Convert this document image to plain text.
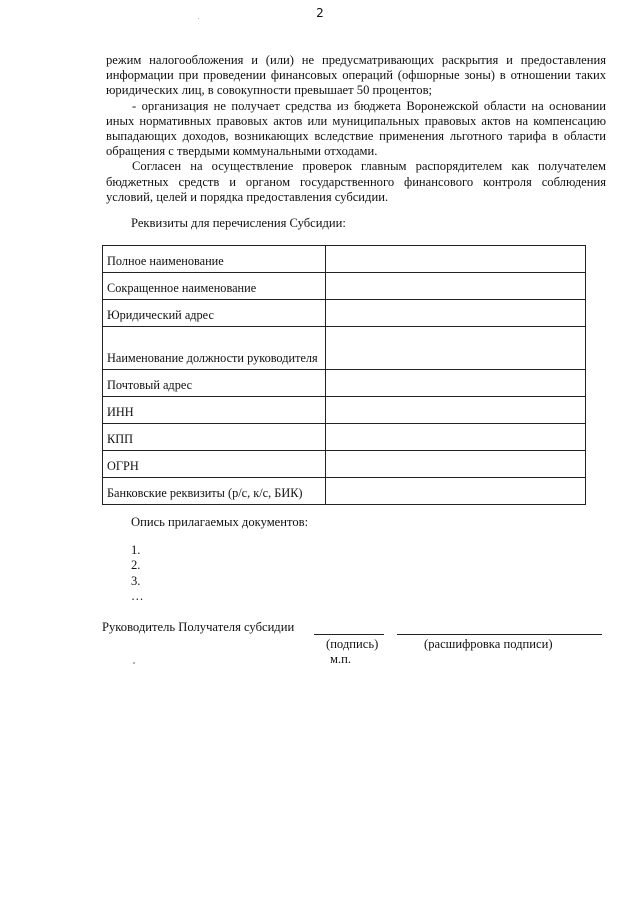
2

режим налогообложения и (или) не предусматривающих раскрытия и предоставления информации при проведении финансовых операций (офшорные зоны) в отношении таких юридических лиц, в совокупности превышает 50 процентов;

- организация не получает средства из бюджета Воронежской области на основании иных нормативных правовых актов или муниципальных правовых актов на компенсацию выпадающих доходов, возникающих вследствие применения льготного тарифа в области обращения с твердыми коммунальными отходами.

Согласен на осуществление проверок главным распорядителем как получателем бюджетных средств и органом государственного финансового контроля соблюдения условий, целей и порядка предоставления субсидии.

Реквизиты для перечисления Субсидии:
Полное наименование	
Сокращенное наименование	
Юридический адрес	
Наименование должности руководителя	
Почтовый адрес	
ИНН	
КПП	
ОГРН	
Банковские реквизиты (р/с, к/с, БИК)	
Опись прилагаемых документов:
1.
2.
3.
…
Руководитель Получателя субсидии
(подпись)	(расшифровка подписи)
м.п.
